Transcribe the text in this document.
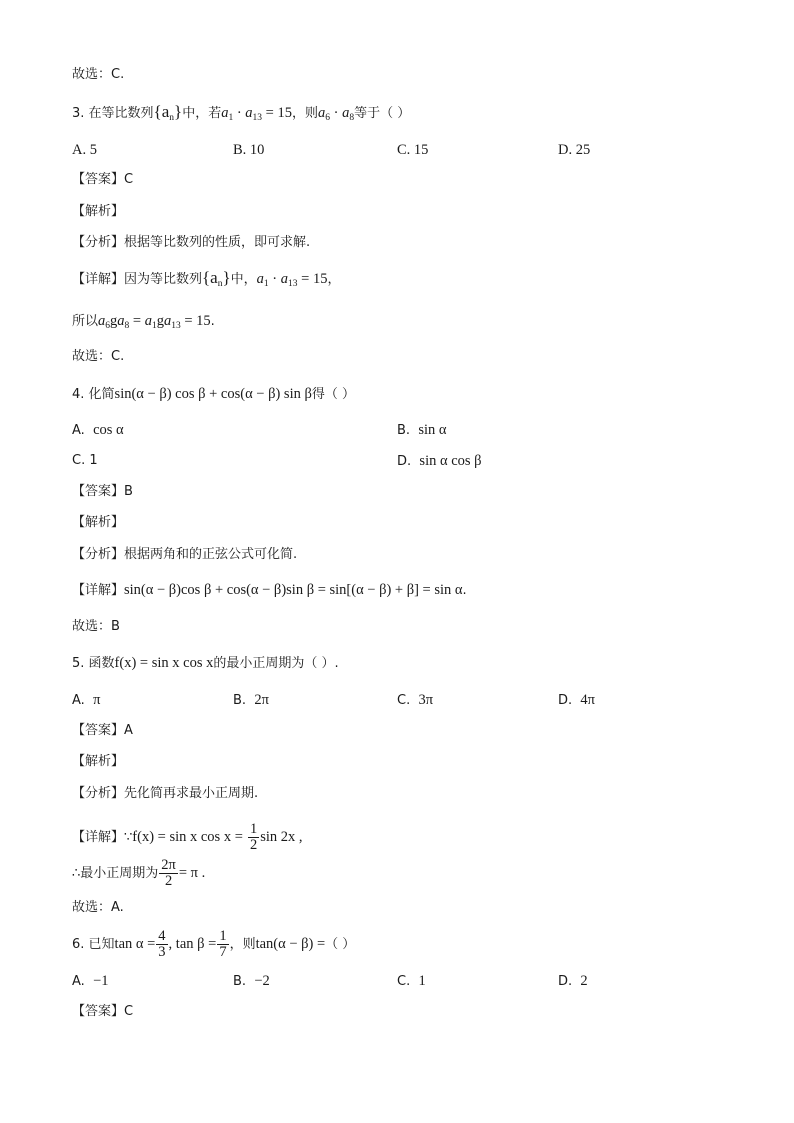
故选：C.
3. 在等比数列$\{a_n\}$中，若$a_1 \cdot a_{13} = 15$，则$a_6 \cdot a_8$等于（ ）
A. 5	B. 10	C. 15	D. 25
【答案】C
【解析】
【分析】根据等比数列的性质，即可求解.
【详解】因为等比数列$\{a_n\}$中，$a_1 \cdot a_{13} = 15$，
所以$a_6ga_8 = a_1ga_{13} = 15$.
故选：C.
4. 化简sin(α − β) cos β + cos(α − β) sin β得（ ）
A. cos α	B. sin α
C. 1	D. sin α cos β
【答案】B
【解析】
【分析】根据两角和的正弦公式可化简.
【详解】sin(α − β)cos β + cos(α − β)sin β = sin[(α − β) + β] = sin α.
故选：B
5. 函数f(x) = sin x cos x的最小正周期为（ ）.
A. π	B. 2π	C. 3π	D. 4π
【答案】A
【解析】
【分析】先化简再求最小正周期.
【详解】∵f(x) = sin x $\cos x = \frac{1}{2}$ sin 2x ,
∴最小正周期为 $\frac{2\pi}{2} = \pi$ .
故选：A.
6. 已知$\tan \alpha = \frac{4}{3}$ , $\tan \beta = \frac{1}{7}$ ，则tan(α − β) =（ ）
A. −1	B. −2	C. 1	D. 2
【答案】C
